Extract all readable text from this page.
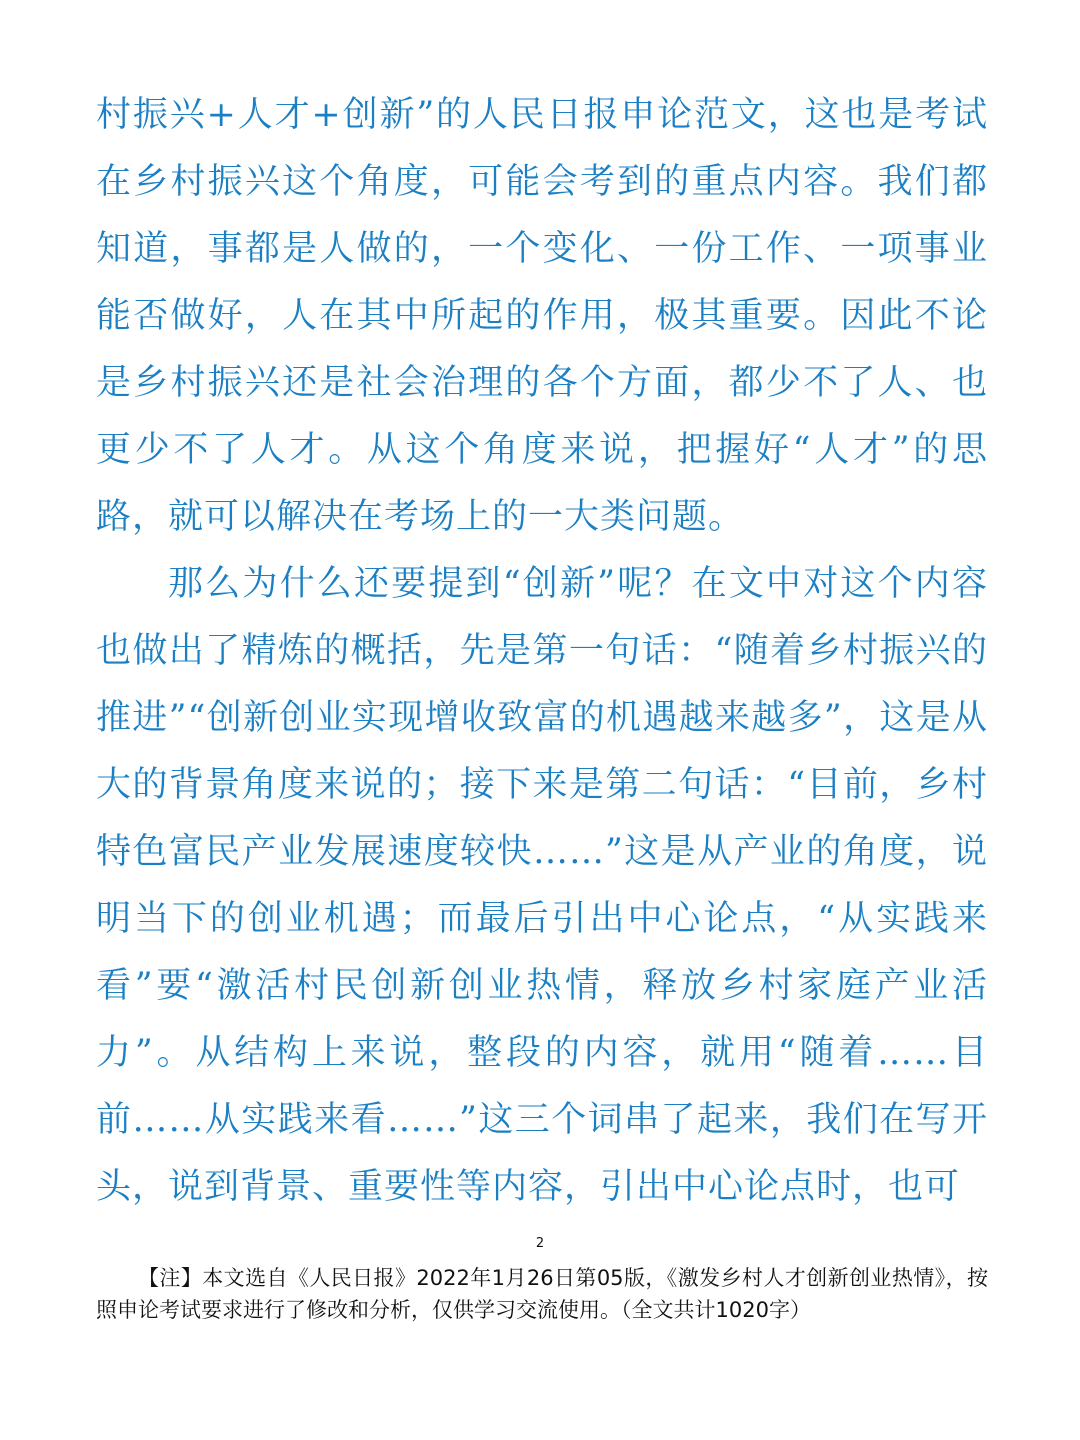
村振兴+人才+创新”的人民日报申论范文，这也是考试在乡村振兴这个角度，可能会考到的重点内容。我们都知道，事都是人做的，一个变化、一份工作、一项事业能否做好，人在其中所起的作用，极其重要。因此不论是乡村振兴还是社会治理的各个方面，都少不了人、也更少不了人才。从这个角度来说，把握好“人才”的思路，就可以解决在考场上的一大类问题。

那么为什么还要提到“创新”呢？在文中对这个内容也做出了精炼的概括，先是第一句话：“随着乡村振兴的推进”“创新创业实现增收致富的机遇越来越多”，这是从大的背景角度来说的；接下来是第二句话：“目前，乡村特色富民产业发展速度较快……”这是从产业的角度，说明当下的创业机遇；而最后引出中心论点，“从实践来看”要“激活村民创新创业热情，释放乡村家庭产业活力”。从结构上来说，整段的内容，就用“随着……目前……从实践来看……”这三个词串了起来，我们在写开头，说到背景、重要性等内容，引出中心论点时，也可

2
【注】本文选自《人民日报》2022年1月26日第05版，《激发乡村人才创新创业热情》，按照申论考试要求进行了修改和分析，仅供学习交流使用。（全文共计1020字）
